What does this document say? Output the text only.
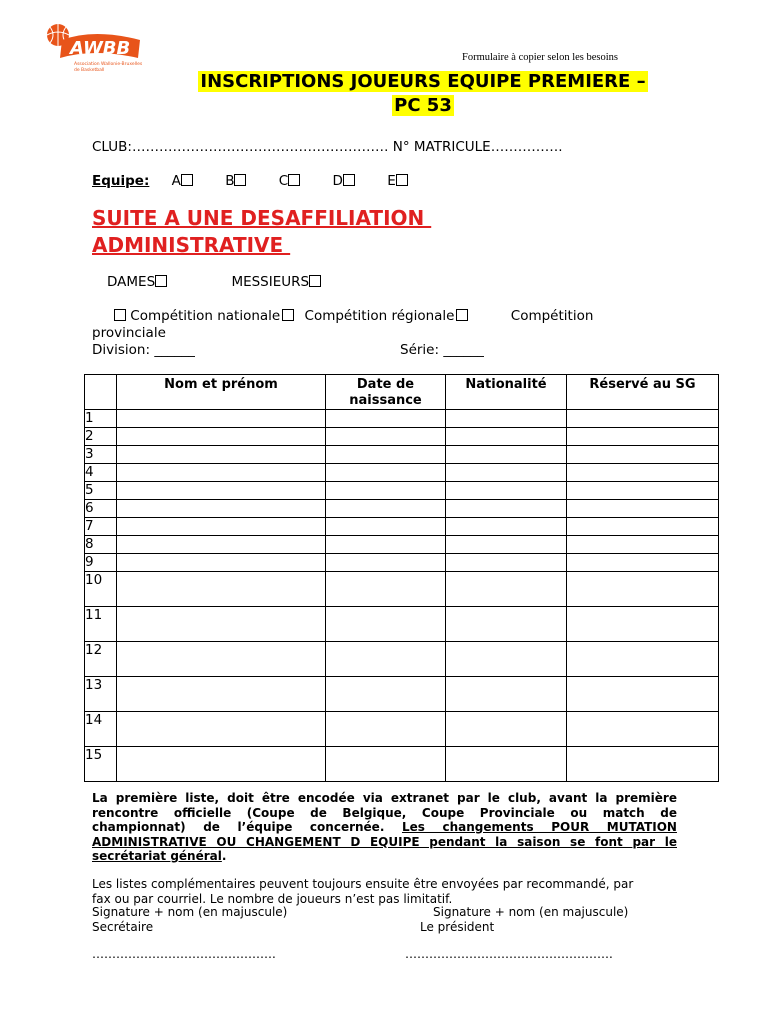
AWBB
Association Wallonie-Bruxelles
de Basketball
Formulaire à copier selon les besoins
INSCRIPTIONS JOUEURS EQUIPE PREMIERE –
PC 53
CLUB:………………………………………………… N° MATRICULE…………….
Equipe: A	B	C	D	E
SUITE A UNE DESAFFILIATION
ADMINISTRATIVE
DAMES	MESSIEURS
Compétition nationale Compétition régionale	Compétition
provinciale
Division: ______	Série: ______
	Nom et prénom	Date de naissance	Nationalité	Réservé au SG
1				
2				
3				
4				
5				
6				
7				
8				
9				
10				
11				
12				
13				
14				
15				
La première liste, doit être encodée via extranet par le club, avant la première
rencontre officielle (Coupe de Belgique, Coupe Provinciale ou match de
championnat) de l’équipe concernée. Les changements POUR MUTATION
ADMINISTRATIVE OU CHANGEMENT D EQUIPE pendant la saison se font par le
secrétariat général.
Les listes complémentaires peuvent toujours ensuite être envoyées par recommandé, par
fax ou par courriel. Le nombre de joueurs n’est pas limitatif.
Signature + nom (en majuscule)
Secrétaire
Signature + nom (en majuscule)
Le président
……………………………………….	…………………………………………….
